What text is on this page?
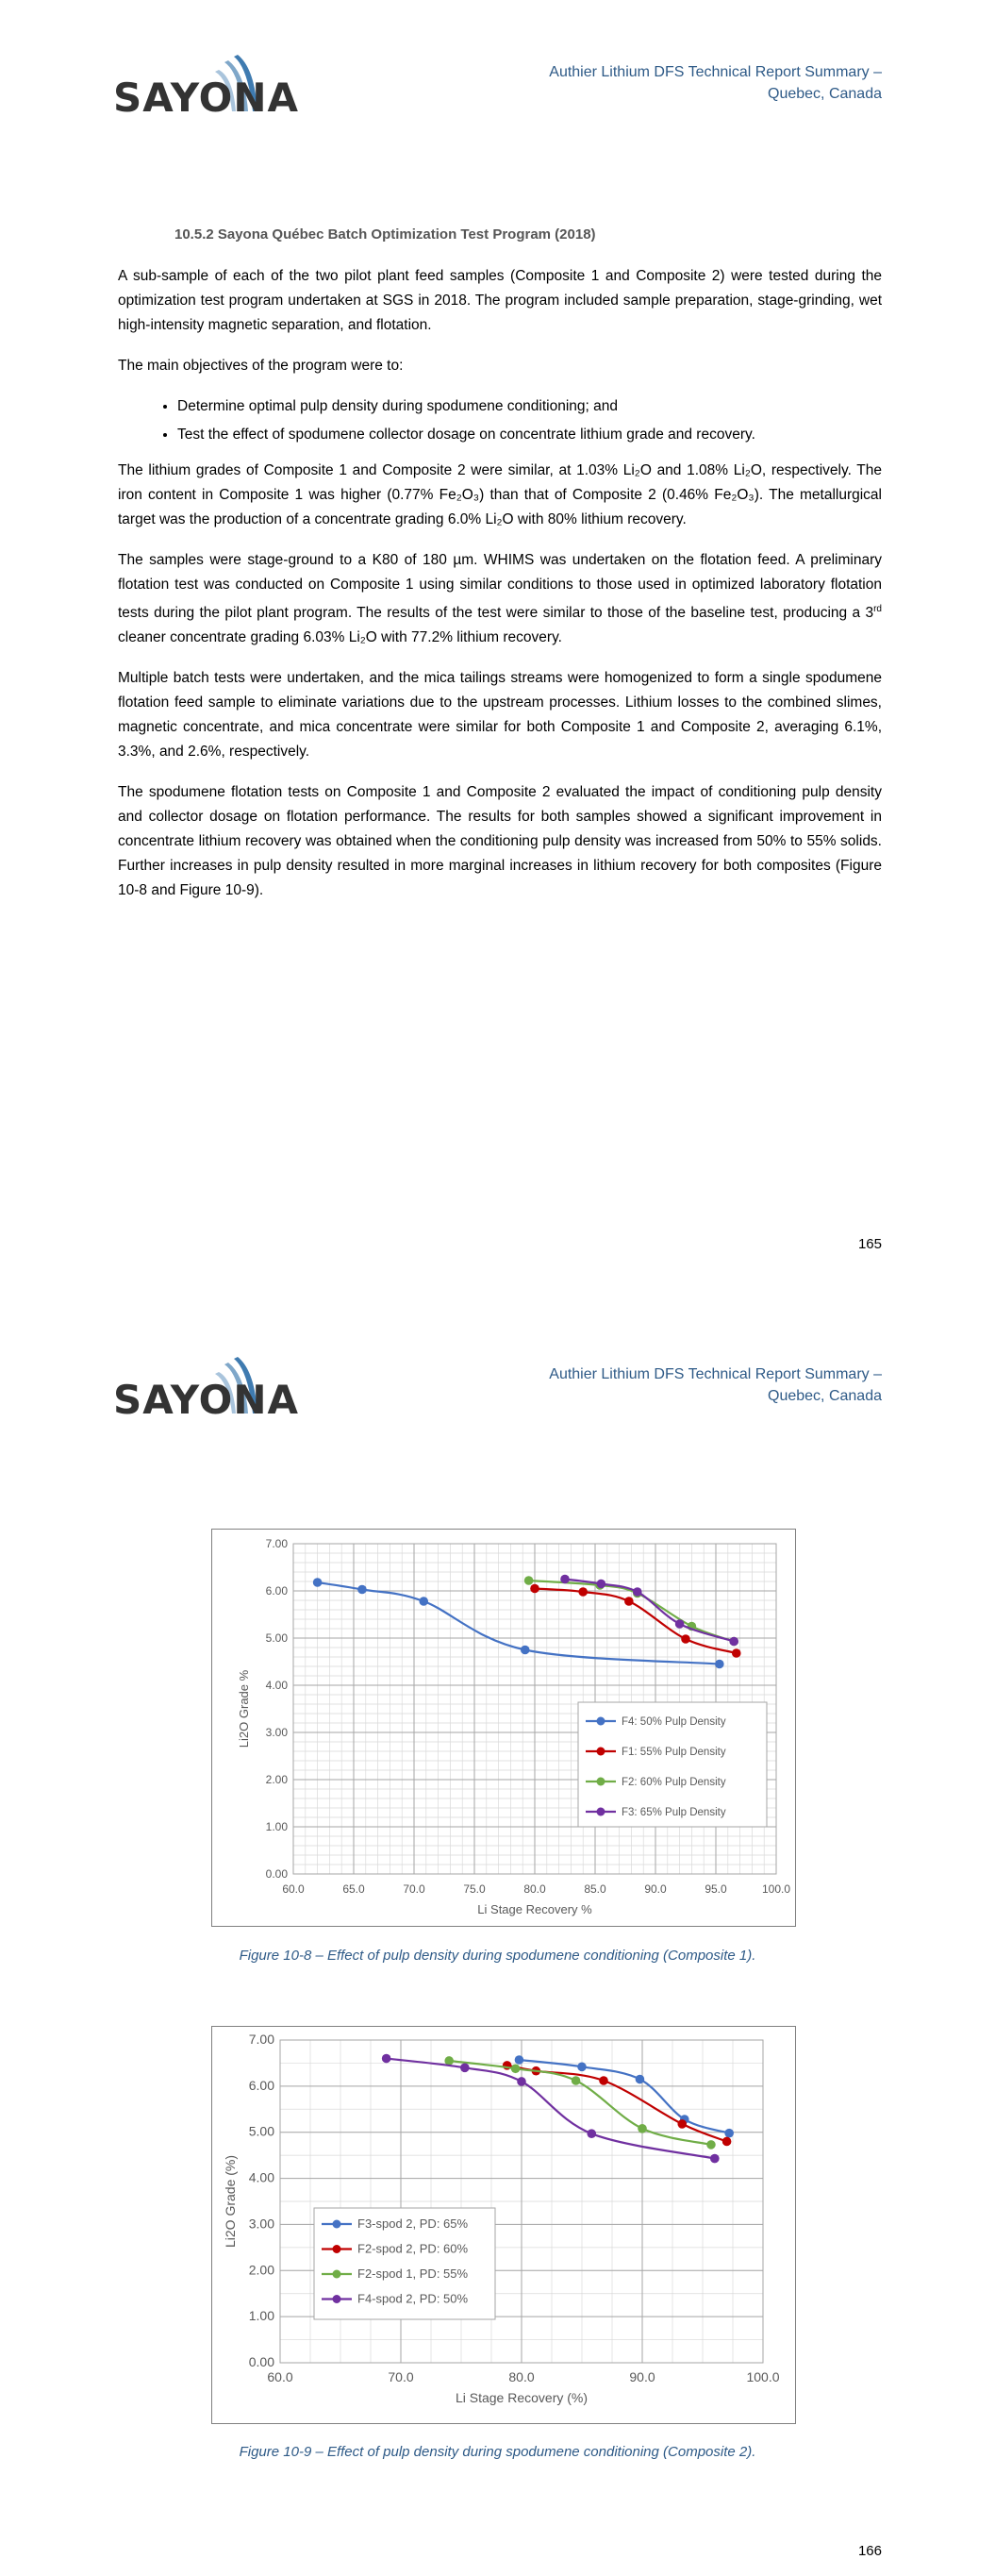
SAYONA
Authier Lithium DFS Technical Report Summary –
Quebec, Canada
10.5.2 Sayona Québec Batch Optimization Test Program (2018)

A sub-sample of each of the two pilot plant feed samples (Composite 1 and Composite 2) were tested during the optimization test program undertaken at SGS in 2018. The program included sample preparation, stage-grinding, wet high-intensity magnetic separation, and flotation.

The main objectives of the program were to:

• Determine optimal pulp density during spodumene conditioning; and
• Test the effect of spodumene collector dosage on concentrate lithium grade and recovery.

The lithium grades of Composite 1 and Composite 2 were similar, at 1.03% Li₂O and 1.08% Li₂O, respectively. The iron content in Composite 1 was higher (0.77% Fe₂O₃) than that of Composite 2 (0.46% Fe₂O₃). The metallurgical target was the production of a concentrate grading 6.0% Li₂O with 80% lithium recovery.

The samples were stage-ground to a K80 of 180 µm. WHIMS was undertaken on the flotation feed. A preliminary flotation test was conducted on Composite 1 using similar conditions to those used in optimized laboratory flotation tests during the pilot plant program. The results of the test were similar to those of the baseline test, producing a 3rd cleaner concentrate grading 6.03% Li₂O with 77.2% lithium recovery.

Multiple batch tests were undertaken, and the mica tailings streams were homogenized to form a single spodumene flotation feed sample to eliminate variations due to the upstream processes. Lithium losses to the combined slimes, magnetic concentrate, and mica concentrate were similar for both Composite 1 and Composite 2, averaging 6.1%, 3.3%, and 2.6%, respectively.

The spodumene flotation tests on Composite 1 and Composite 2 evaluated the impact of conditioning pulp density and collector dosage on flotation performance. The results for both samples showed a significant improvement in concentrate lithium recovery was obtained when the conditioning pulp density was increased from 50% to 55% solids. Further increases in pulp density resulted in more marginal increases in lithium recovery for both composites (Figure 10-8 and Figure 10-9).

165
SAYONA
Authier Lithium DFS Technical Report Summary –
Quebec, Canada
60.0	65.0	70.0	75.0	80.0	85.0	90.0	95.0	100.0
0.00
1.00
2.00
3.00
4.00
5.00
6.00
7.00
Li Stage Recovery %
Li2O Grade %	F4: 50% Pulp Density
F1: 55% Pulp Density
F2: 60% Pulp Density
F3: 65% Pulp Density
Figure 10-8 – Effect of pulp density during spodumene conditioning (Composite 1).
60.0	70.0	80.0	90.0	100.0
0.00
1.00
2.00
3.00
4.00
5.00
6.00
7.00
Li Stage Recovery (%)
Li2O Grade (%)	F3-spod 2, PD: 65%
F2-spod 2, PD: 60%
F2-spod 1, PD: 55%
F4-spod 2, PD: 50%
Figure 10-9 – Effect of pulp density during spodumene conditioning (Composite 2).
166
